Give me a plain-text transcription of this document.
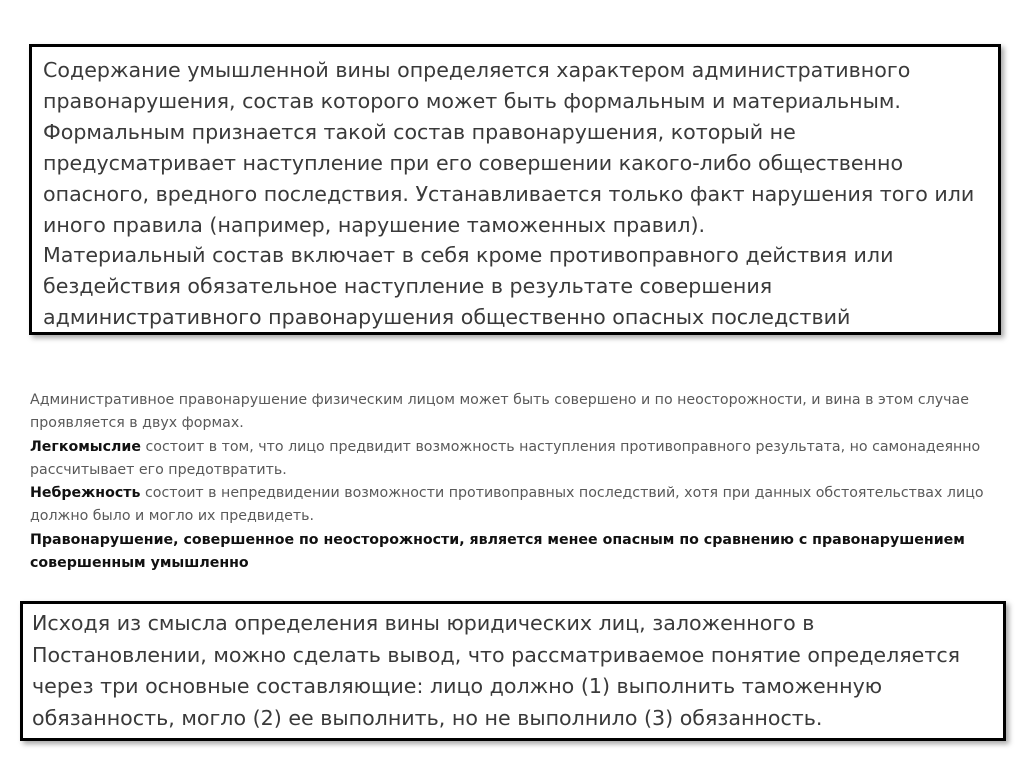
Содержание умышленной вины определяется характером административного правонарушения, состав которого может быть формальным и материальным. Формальным признается такой состав правонарушения, который не предусматривает наступление при его совершении какого-либо общественно опасного, вредного последствия. Устанавливается только факт нарушения того или иного правила (например, нарушение таможенных правил).

Материальный состав включает в себя кроме противоправного действия или бездействия обязательное наступление в результате совершения административного правонарушения общественно опасных последствий

Административное правонарушение физическим лицом может быть совершено и по неосторожности, и вина в этом случае проявляется в двух формах.

Легкомыслие состоит в том, что лицо предвидит возможность наступления противоправного результата, но самонадеянно рассчитывает его предотвратить.

Небрежность состоит в непредвидении возможности противоправных последствий, хотя при данных обстоятельствах лицо должно было и могло их предвидеть.

Правонарушение, совершенное по неосторожности, является менее опасным по сравнению с правонарушением совершенным умышленно

Исходя из смысла определения вины юридических лиц, заложенного в Постановлении, можно сделать вывод, что рассматриваемое понятие определяется через три основные составляющие: лицо должно (1) выполнить таможенную обязанность, могло (2) ее выполнить, но не выполнило (3) обязанность.
